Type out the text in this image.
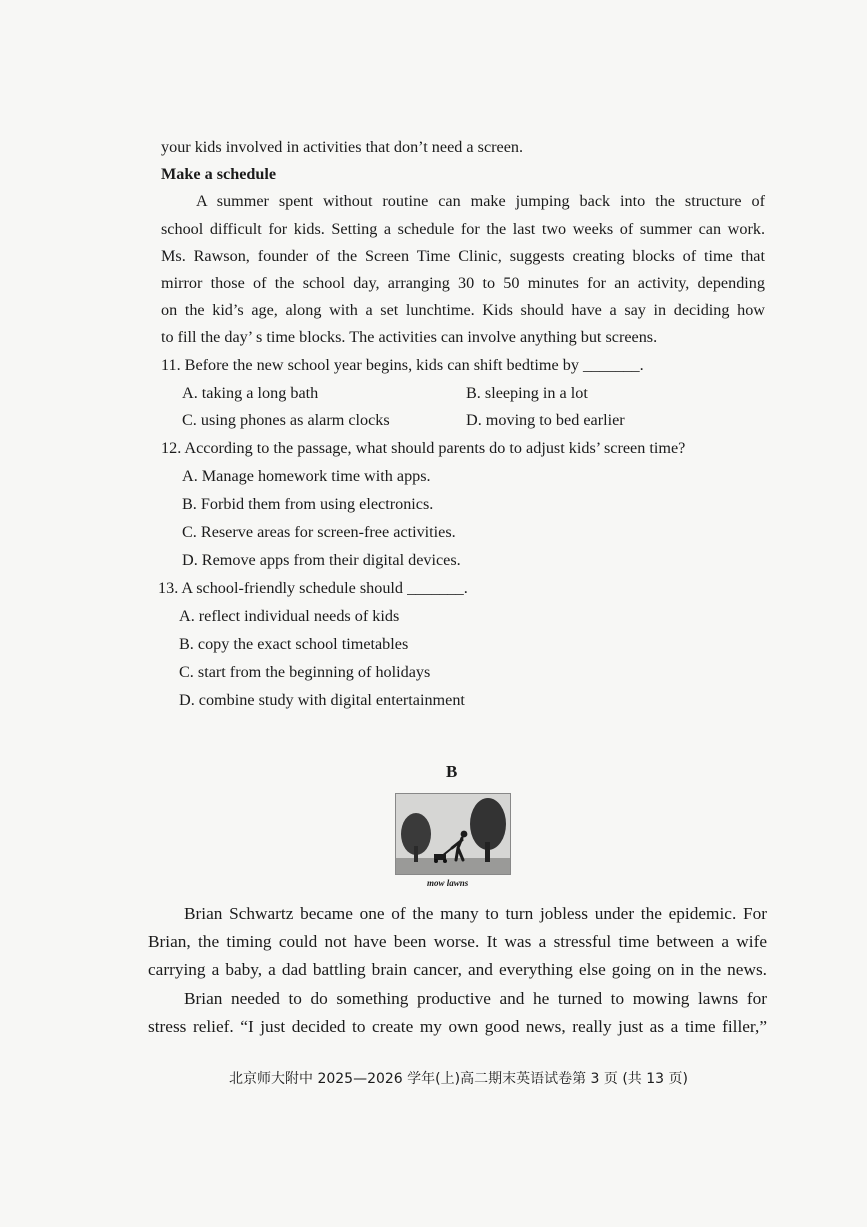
your kids involved in activities that don’t need a screen.
Make a schedule
A summer spent without routine can make jumping back into the structure of
school difficult for kids. Setting a schedule for the last two weeks of summer can work.
Ms. Rawson, founder of the Screen Time Clinic, suggests creating blocks of time that
mirror those of the school day, arranging 30 to 50 minutes for an activity, depending
on the kid’s age, along with a set lunchtime. Kids should have a say in deciding how
to fill the day’ s time blocks. The activities can involve anything but screens.
11. Before the new school year begins, kids can shift bedtime by _______.
A. taking a long bath	B. sleeping in a lot
C. using phones as alarm clocks	D. moving to bed earlier
12. According to the passage, what should parents do to adjust kids’ screen time?
A. Manage homework time with apps.
B. Forbid them from using electronics.
C. Reserve areas for screen-free activities.
D. Remove apps from their digital devices.
13. A school-friendly schedule should _______.
A. reflect individual needs of kids
B. copy the exact school timetables
C. start from the beginning of holidays
D. combine study with digital entertainment
B
mow lawns
Brian Schwartz became one of the many to turn jobless under the epidemic. For
Brian, the timing could not have been worse. It was a stressful time between a wife
carrying a baby, a dad battling brain cancer, and everything else going on in the news.
Brian needed to do something productive and he turned to mowing lawns for
stress relief. “I just decided to create my own good news, really just as a time filler,”
北京师大附中 2025—2026 学年(上)高二期末英语试卷第 3 页 (共 13 页)
